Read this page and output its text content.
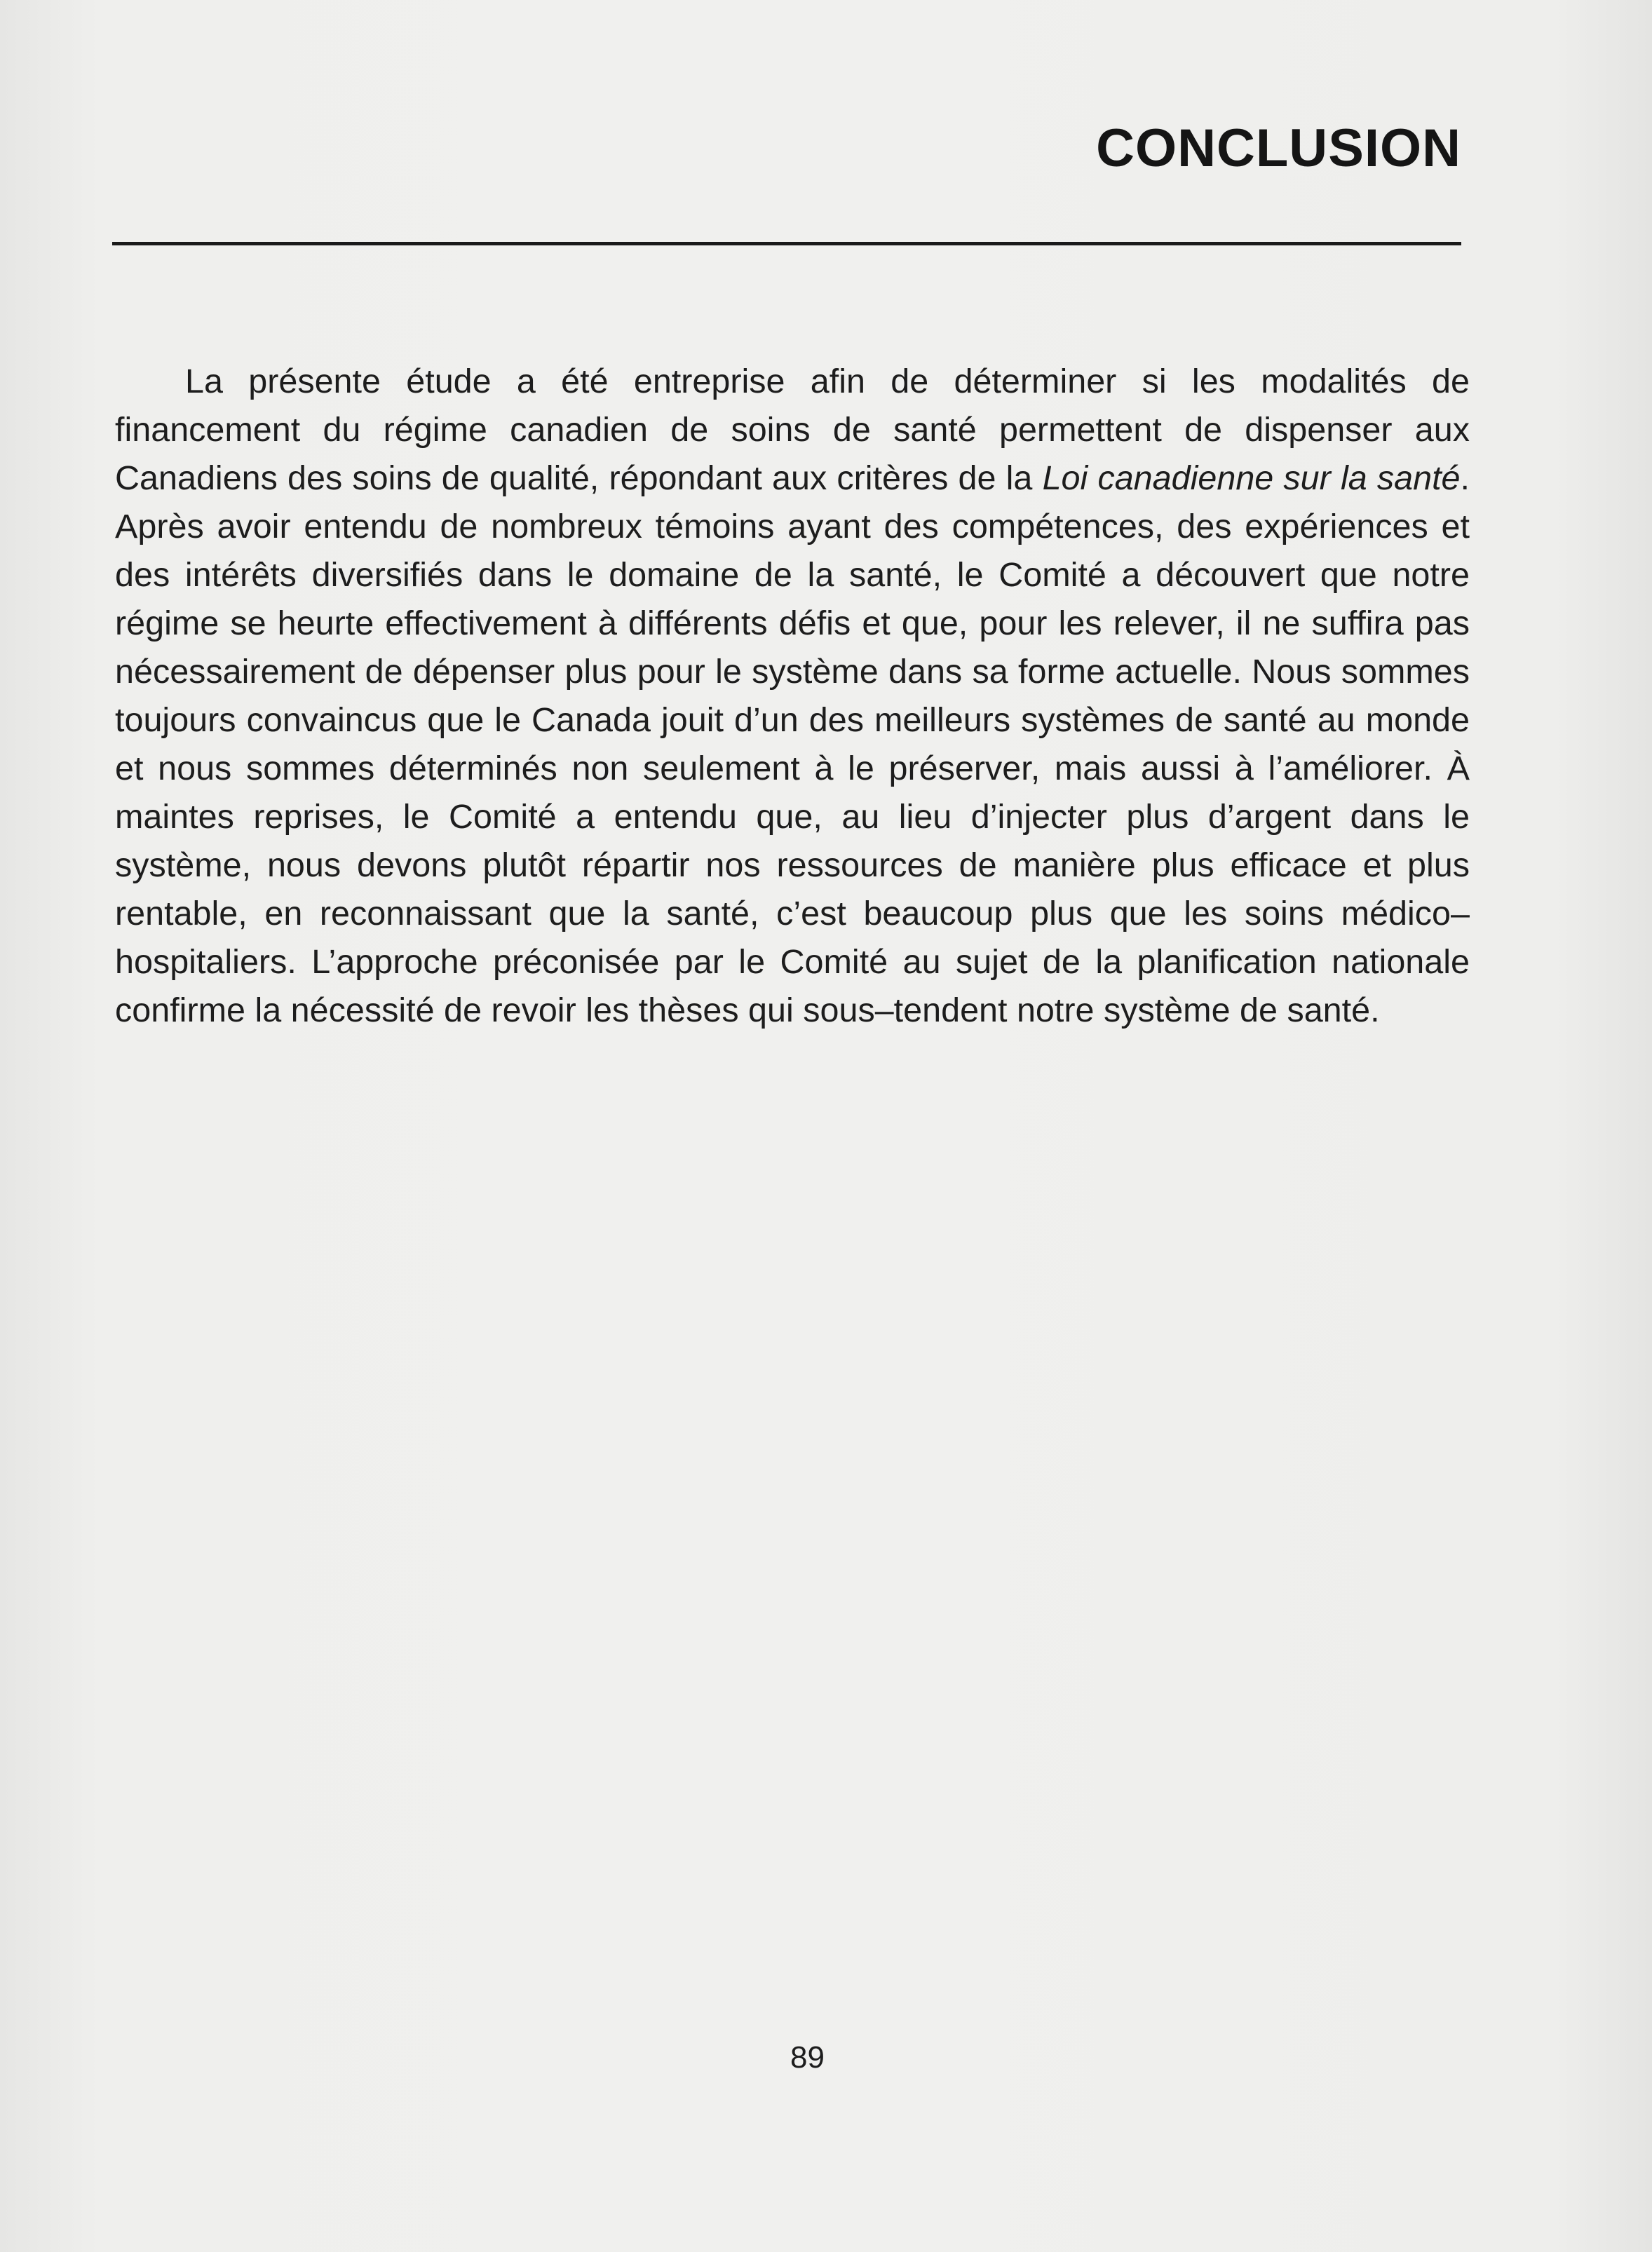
CONCLUSION

La présente étude a été entreprise afin de déterminer si les modalités de financement du régime canadien de soins de santé permettent de dispenser aux Canadiens des soins de qualité, répondant aux critères de la Loi canadienne sur la santé. Après avoir entendu de nombreux témoins ayant des compétences, des expériences et des intérêts diversifiés dans le domaine de la santé, le Comité a découvert que notre régime se heurte effectivement à différents défis et que, pour les relever, il ne suffira pas nécessairement de dépenser plus pour le système dans sa forme actuelle. Nous sommes toujours convaincus que le Canada jouit d’un des meilleurs systèmes de santé au monde et nous sommes déterminés non seulement à le préserver, mais aussi à l’améliorer. À maintes reprises, le Comité a entendu que, au lieu d’injecter plus d’argent dans le système, nous devons plutôt répartir nos ressources de manière plus efficace et plus rentable, en reconnaissant que la santé, c’est beaucoup plus que les soins médico–hospitaliers. L’approche préconisée par le Comité au sujet de la planification nationale confirme la nécessité de revoir les thèses qui sous–tendent notre système de santé.

89
